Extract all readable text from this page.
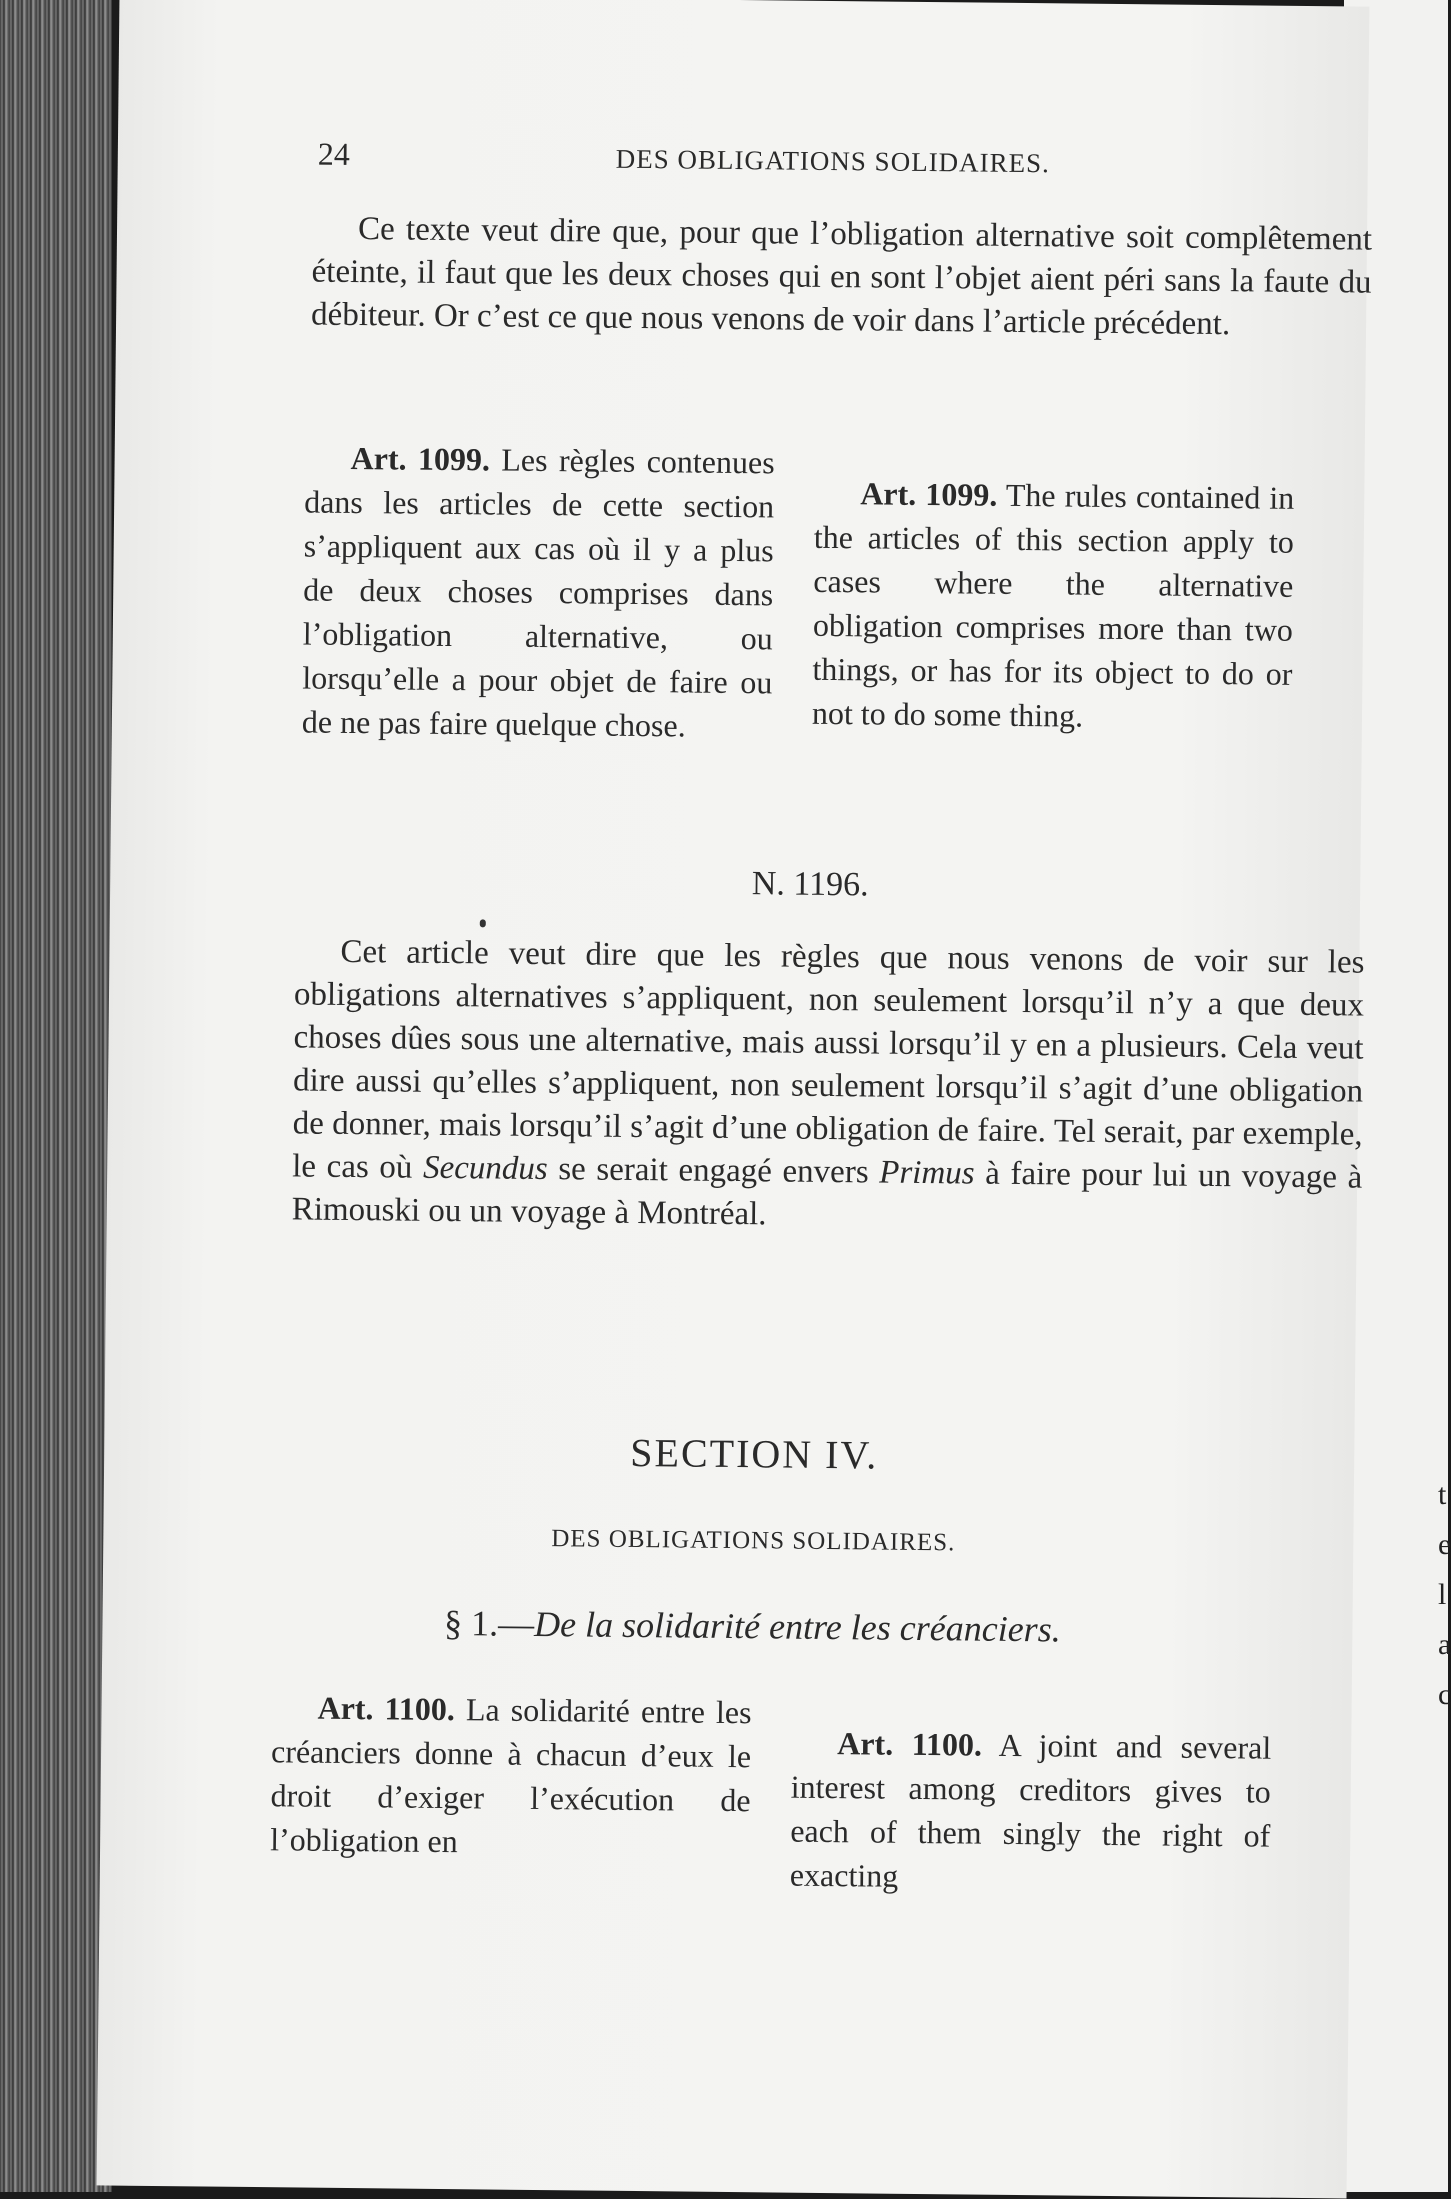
24	DES OBLIGATIONS SOLIDAIRES.
Ce texte veut dire que, pour que l’obligation alternative soit complêtement éteinte, il faut que les deux choses qui en sont l’objet aient péri sans la faute du débiteur. Or c’est ce que nous venons de voir dans l’article précédent.
Art. 1099. Les règles contenues dans les articles de cette section s’appliquent aux cas où il y a plus de deux choses comprises dans l’obligation alternative, ou lorsqu’elle a pour objet de faire ou de ne pas faire quelque chose.
Art. 1099. The rules contained in the articles of this section apply to cases where the alternative obligation comprises more than two things, or has for its object to do or not to do some thing.
N. 1196.
Cet article veut dire que les règles que nous venons de voir sur les obligations alternatives s’appliquent, non seulement lorsqu’il n’y a que deux choses dûes sous une alternative, mais aussi lorsqu’il y en a plusieurs. Cela veut dire aussi qu’elles s’appliquent, non seulement lorsqu’il s’agit d’une obligation de donner, mais lorsqu’il s’agit d’une obligation de faire. Tel serait, par exemple, le cas où Secundus se serait engagé envers Primus à faire pour lui un voyage à Rimouski ou un voyage à Montréal.
SECTION IV.
DES OBLIGATIONS SOLIDAIRES.
§ 1.—De la solidarité entre les créanciers.
Art. 1100. La solidarité entre les créanciers donne à chacun d’eux le droit d’exiger l’exécution de l’obligation en
Art. 1100. A joint and several interest among creditors gives to each of them singly the right of exacting
t
e
l
a
c
